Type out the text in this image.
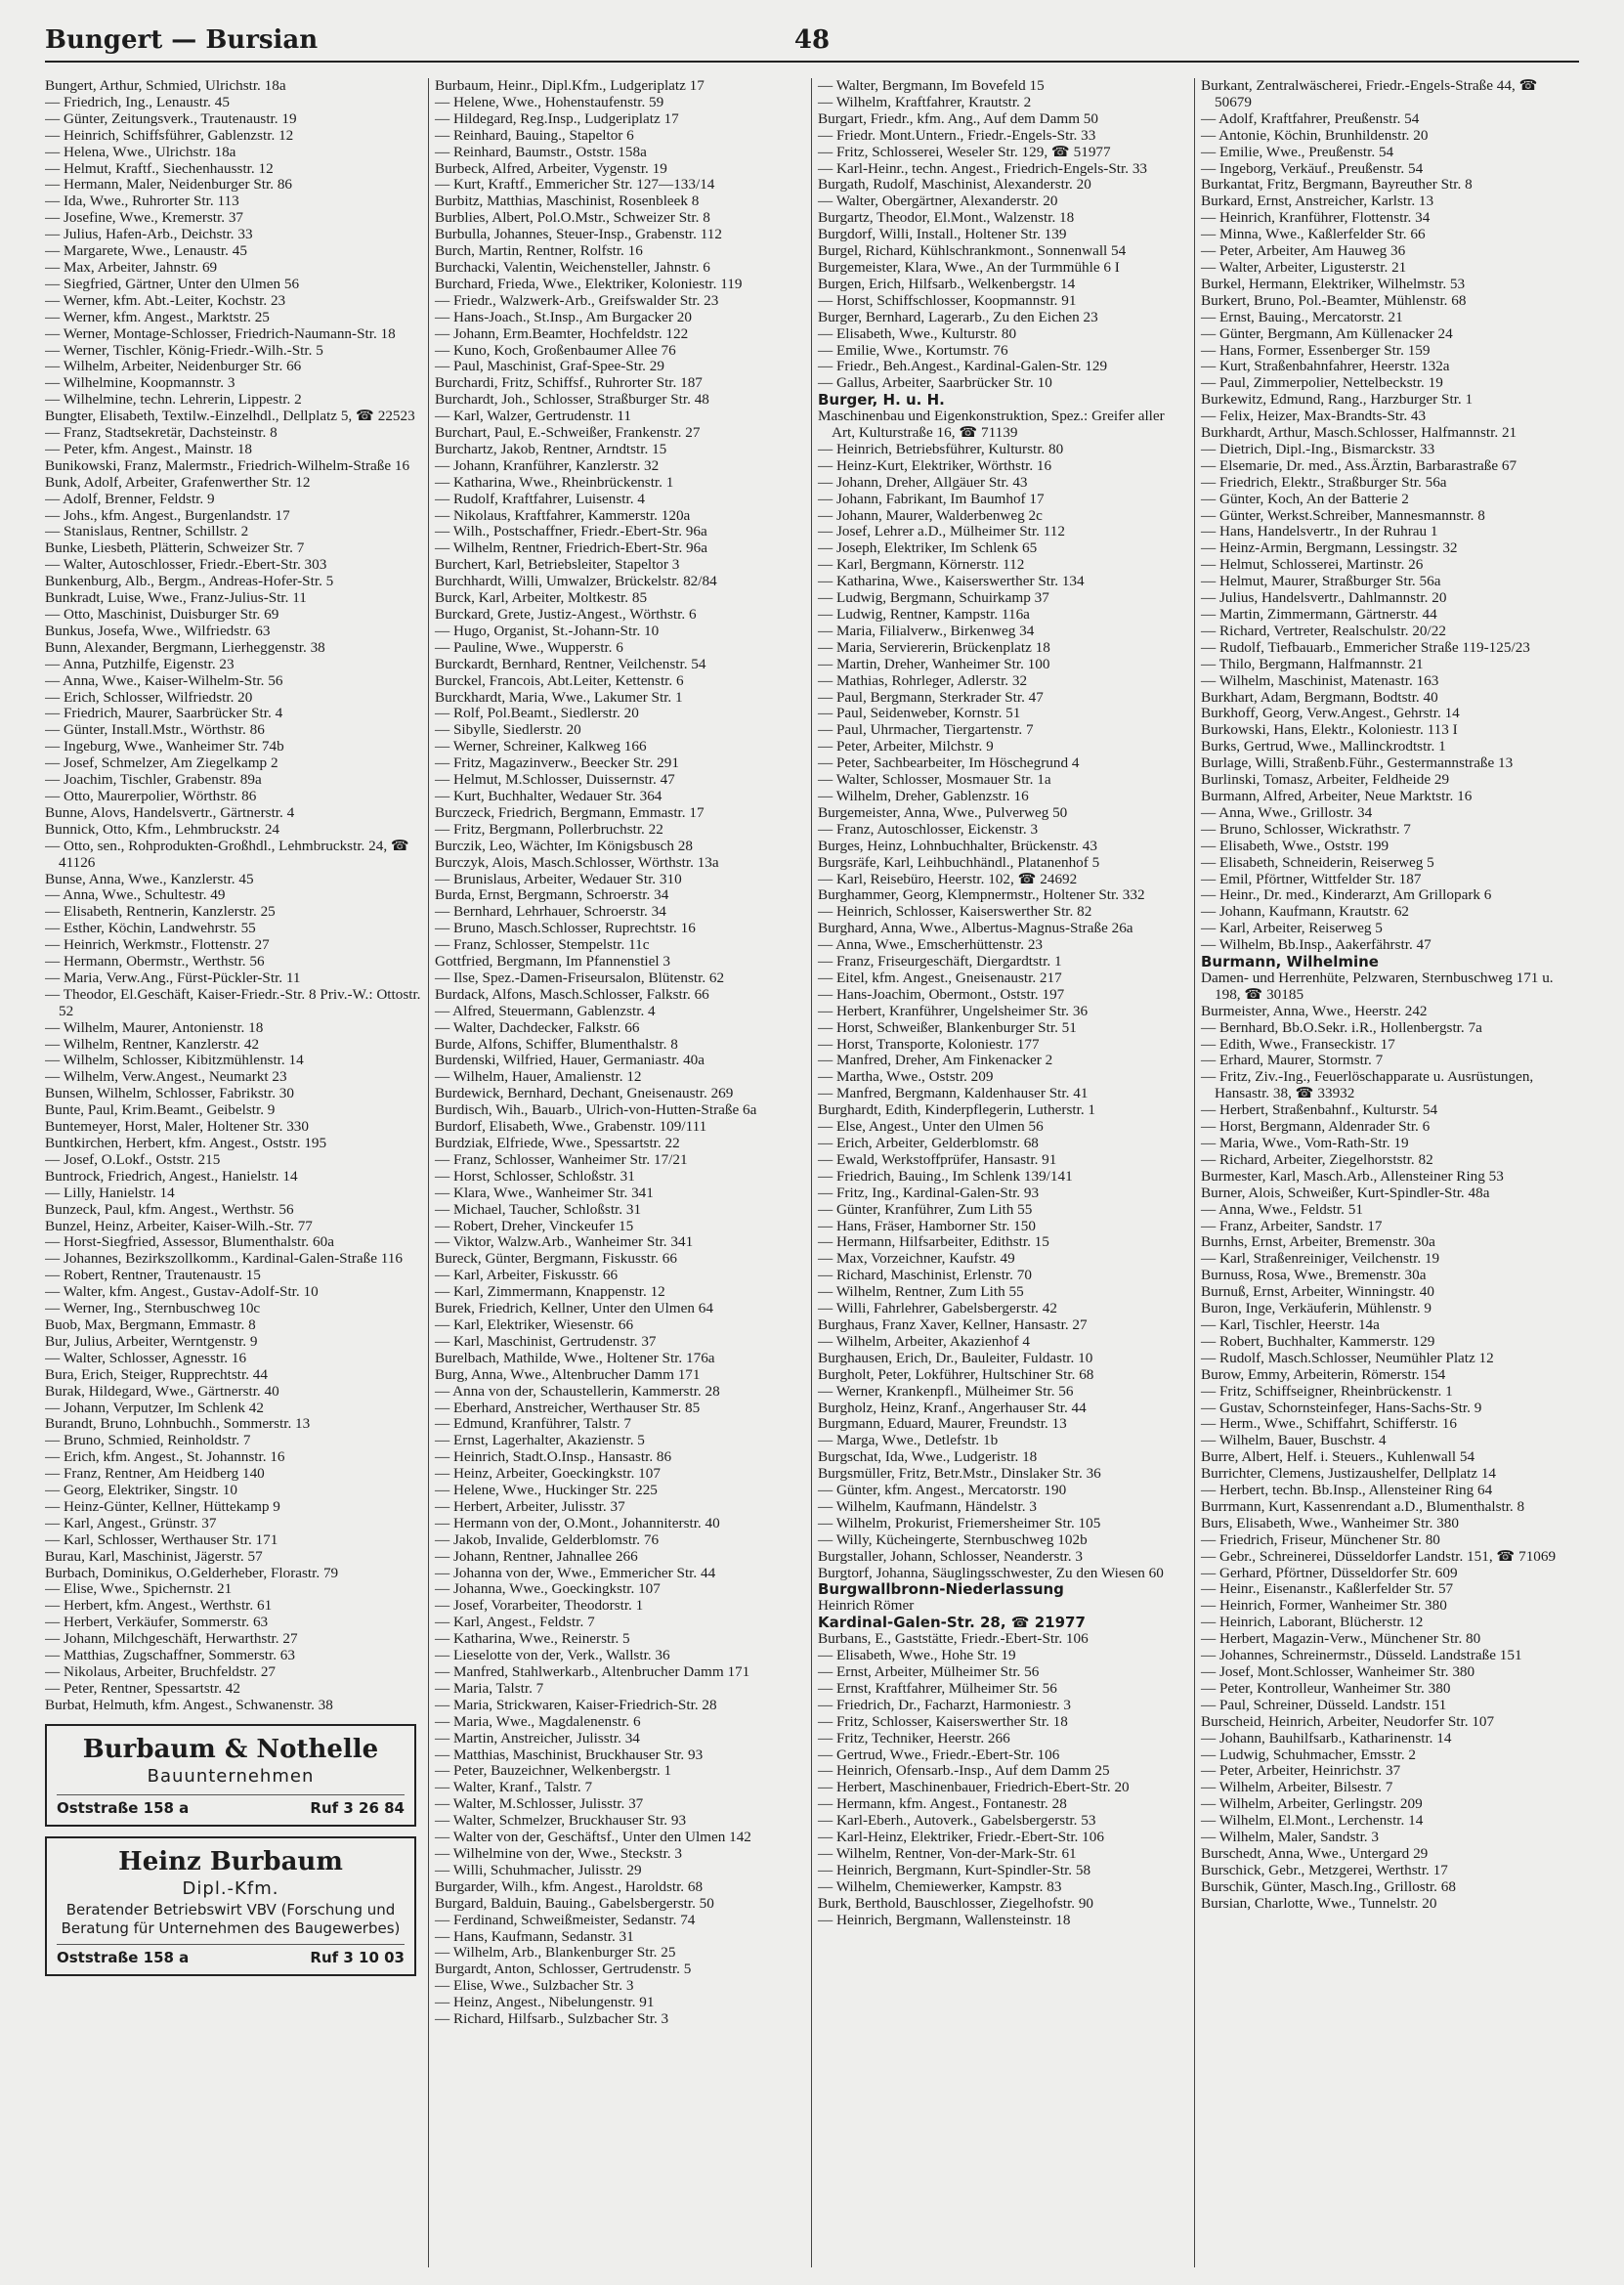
Bungert — Bursian	48
Bungert, Arthur, Schmied, Ulrichstr. 18a
— Friedrich, Ing., Lenaustr. 45
— Günter, Zeitungsverk., Trautenaustr. 19
— Heinrich, Schiffsführer, Gablenzstr. 12
— Helena, Wwe., Ulrichstr. 18a
— Helmut, Kraftf., Siechenhausstr. 12
— Hermann, Maler, Neidenburger Str. 86
— Ida, Wwe., Ruhrorter Str. 113
— Josefine, Wwe., Kremerstr. 37
— Julius, Hafen-Arb., Deichstr. 33
— Margarete, Wwe., Lenaustr. 45
— Max, Arbeiter, Jahnstr. 69
— Siegfried, Gärtner, Unter den Ulmen 56
— Werner, kfm. Abt.-Leiter, Kochstr. 23
— Werner, kfm. Angest., Marktstr. 25
— Werner, Montage-Schlosser, Friedrich-Naumann-Str. 18
— Werner, Tischler, König-Friedr.-Wilh.-Str. 5
— Wilhelm, Arbeiter, Neidenburger Str. 66
— Wilhelmine, Koopmannstr. 3
— Wilhelmine, techn. Lehrerin, Lippestr. 2
Bungter, Elisabeth, Textilw.-Einzelhdl., Dellplatz 5, ☎ 22523
— Franz, Stadtsekretär, Dachsteinstr. 8
— Peter, kfm. Angest., Mainstr. 18
Bunikowski, Franz, Malermstr., Friedrich-Wilhelm-Straße 16
Bunk, Adolf, Arbeiter, Grafenwerther Str. 12
— Adolf, Brenner, Feldstr. 9
— Johs., kfm. Angest., Burgenlandstr. 17
— Stanislaus, Rentner, Schillstr. 2
Bunke, Liesbeth, Plätterin, Schweizer Str. 7
— Walter, Autoschlosser, Friedr.-Ebert-Str. 303
Bunkenburg, Alb., Bergm., Andreas-Hofer-Str. 5
Bunkradt, Luise, Wwe., Franz-Julius-Str. 11
— Otto, Maschinist, Duisburger Str. 69
Bunkus, Josefa, Wwe., Wilfriedstr. 63
Bunn, Alexander, Bergmann, Lierheggenstr. 38
— Anna, Putzhilfe, Eigenstr. 23
— Anna, Wwe., Kaiser-Wilhelm-Str. 56
— Erich, Schlosser, Wilfriedstr. 20
— Friedrich, Maurer, Saarbrücker Str. 4
— Günter, Install.Mstr., Wörthstr. 86
— Ingeburg, Wwe., Wanheimer Str. 74b
— Josef, Schmelzer, Am Ziegelkamp 2
— Joachim, Tischler, Grabenstr. 89a
— Otto, Maurerpolier, Wörthstr. 86
Bunne, Alovs, Handelsvertr., Gärtnerstr. 4
Bunnick, Otto, Kfm., Lehmbruckstr. 24
— Otto, sen., Rohprodukten-Großhdl., Lehmbruckstr. 24, ☎ 41126
Bunse, Anna, Wwe., Kanzlerstr. 45
— Anna, Wwe., Schultestr. 49
— Elisabeth, Rentnerin, Kanzlerstr. 25
— Esther, Köchin, Landwehrstr. 55
— Heinrich, Werkmstr., Flottenstr. 27
— Hermann, Obermstr., Werthstr. 56
— Maria, Verw.Ang., Fürst-Pückler-Str. 11
— Theodor, El.Geschäft, Kaiser-Friedr.-Str. 8 Priv.-W.: Ottostr. 52
— Wilhelm, Maurer, Antonienstr. 18
— Wilhelm, Rentner, Kanzlerstr. 42
— Wilhelm, Schlosser, Kibitzmühlenstr. 14
— Wilhelm, Verw.Angest., Neumarkt 23
Bunsen, Wilhelm, Schlosser, Fabrikstr. 30
Bunte, Paul, Krim.Beamt., Geibelstr. 9
Buntemeyer, Horst, Maler, Holtener Str. 330
Buntkirchen, Herbert, kfm. Angest., Oststr. 195
— Josef, O.Lokf., Oststr. 215
Buntrock, Friedrich, Angest., Hanielstr. 14
— Lilly, Hanielstr. 14
Bunzeck, Paul, kfm. Angest., Werthstr. 56
Bunzel, Heinz, Arbeiter, Kaiser-Wilh.-Str. 77
— Horst-Siegfried, Assessor, Blumenthalstr. 60a
— Johannes, Bezirkszollkomm., Kardinal-Galen-Straße 116
— Robert, Rentner, Trautenaustr. 15
— Walter, kfm. Angest., Gustav-Adolf-Str. 10
— Werner, Ing., Sternbuschweg 10c
Buob, Max, Bergmann, Emmastr. 8
Bur, Julius, Arbeiter, Werntgenstr. 9
— Walter, Schlosser, Agnesstr. 16
Bura, Erich, Steiger, Rupprechtstr. 44
Burak, Hildegard, Wwe., Gärtnerstr. 40
— Johann, Verputzer, Im Schlenk 42
Burandt, Bruno, Lohnbuchh., Sommerstr. 13
— Bruno, Schmied, Reinholdstr. 7
— Erich, kfm. Angest., St. Johannstr. 16
— Franz, Rentner, Am Heidberg 140
— Georg, Elektriker, Singstr. 10
— Heinz-Günter, Kellner, Hüttekamp 9
— Karl, Angest., Grünstr. 37
— Karl, Schlosser, Werthauser Str. 171
Burau, Karl, Maschinist, Jägerstr. 57
Burbach, Dominikus, O.Gelderheber, Florastr. 79
— Elise, Wwe., Spichernstr. 21
— Herbert, kfm. Angest., Werthstr. 61
— Herbert, Verkäufer, Sommerstr. 63
— Johann, Milchgeschäft, Herwarthstr. 27
— Matthias, Zugschaffner, Sommerstr. 63
— Nikolaus, Arbeiter, Bruchfeldstr. 27
— Peter, Rentner, Spessartstr. 42
Burbat, Helmuth, kfm. Angest., Schwanenstr. 38
Burbaum & Nothelle
Bauunternehmen
Oststraße 158 a	Ruf 3 26 84
Heinz Burbaum
Dipl.-Kfm.
Beratender Betriebswirt VBV (Forschung und Beratung für Unternehmen des Baugewerbes)
Oststraße 158 a	Ruf 3 10 03
Burbaum, Heinr., Dipl.Kfm., Ludgeriplatz 17
— Helene, Wwe., Hohenstaufenstr. 59
— Hildegard, Reg.Insp., Ludgeriplatz 17
— Reinhard, Bauing., Stapeltor 6
— Reinhard, Baumstr., Oststr. 158a
Burbeck, Alfred, Arbeiter, Vygenstr. 19
— Kurt, Kraftf., Emmericher Str. 127—133/14
Burbitz, Matthias, Maschinist, Rosenbleek 8
Burblies, Albert, Pol.O.Mstr., Schweizer Str. 8
Burbulla, Johannes, Steuer-Insp., Grabenstr. 112
Burch, Martin, Rentner, Rolfstr. 16
Burchacki, Valentin, Weichensteller, Jahnstr. 6
Burchard, Frieda, Wwe., Elektriker, Koloniestr. 119
— Friedr., Walzwerk-Arb., Greifswalder Str. 23
— Hans-Joach., St.Insp., Am Burgacker 20
— Johann, Erm.Beamter, Hochfeldstr. 122
— Kuno, Koch, Großenbaumer Allee 76
— Paul, Maschinist, Graf-Spee-Str. 29
Burchardi, Fritz, Schiffsf., Ruhrorter Str. 187
Burchardt, Joh., Schlosser, Straßburger Str. 48
— Karl, Walzer, Gertrudenstr. 11
Burchart, Paul, E.-Schweißer, Frankenstr. 27
Burchartz, Jakob, Rentner, Arndtstr. 15
— Johann, Kranführer, Kanzlerstr. 32
— Katharina, Wwe., Rheinbrückenstr. 1
— Rudolf, Kraftfahrer, Luisenstr. 4
— Nikolaus, Kraftfahrer, Kammerstr. 120a
— Wilh., Postschaffner, Friedr.-Ebert-Str. 96a
— Wilhelm, Rentner, Friedrich-Ebert-Str. 96a
Burchert, Karl, Betriebsleiter, Stapeltor 3
Burchhardt, Willi, Umwalzer, Brückelstr. 82/84
Burck, Karl, Arbeiter, Moltkestr. 85
Burckard, Grete, Justiz-Angest., Wörthstr. 6
— Hugo, Organist, St.-Johann-Str. 10
— Pauline, Wwe., Wupperstr. 6
Burckardt, Bernhard, Rentner, Veilchenstr. 54
Burckel, Francois, Abt.Leiter, Kettenstr. 6
Burckhardt, Maria, Wwe., Lakumer Str. 1
— Rolf, Pol.Beamt., Siedlerstr. 20
— Sibylle, Siedlerstr. 20
— Werner, Schreiner, Kalkweg 166
— Fritz, Magazinverw., Beecker Str. 291
— Helmut, M.Schlosser, Duissernstr. 47
— Kurt, Buchhalter, Wedauer Str. 364
Burczeck, Friedrich, Bergmann, Emmastr. 17
— Fritz, Bergmann, Pollerbruchstr. 22
Burczik, Leo, Wächter, Im Königsbusch 28
Burczyk, Alois, Masch.Schlosser, Wörthstr. 13a
— Brunislaus, Arbeiter, Wedauer Str. 310
Burda, Ernst, Bergmann, Schroerstr. 34
— Bernhard, Lehrhauer, Schroerstr. 34
— Bruno, Masch.Schlosser, Ruprechtstr. 16
— Franz, Schlosser, Stempelstr. 11c
Gottfried, Bergmann, Im Pfannenstiel 3
— Ilse, Spez.-Damen-Friseursalon, Blütenstr. 62
Burdack, Alfons, Masch.Schlosser, Falkstr. 66
— Alfred, Steuermann, Gablenzstr. 4
— Walter, Dachdecker, Falkstr. 66
Burde, Alfons, Schiffer, Blumenthalstr. 8
Burdenski, Wilfried, Hauer, Germaniastr. 40a
— Wilhelm, Hauer, Amalienstr. 12
Burdewick, Bernhard, Dechant, Gneisenaustr. 269
Burdisch, Wih., Bauarb., Ulrich-von-Hutten-Straße 6a
Burdorf, Elisabeth, Wwe., Grabenstr. 109/111
Burdziak, Elfriede, Wwe., Spessartstr. 22
— Franz, Schlosser, Wanheimer Str. 17/21
— Horst, Schlosser, Schloßstr. 31
— Klara, Wwe., Wanheimer Str. 341
— Michael, Taucher, Schloßstr. 31
— Robert, Dreher, Vinckeufer 15
— Viktor, Walzw.Arb., Wanheimer Str. 341
Bureck, Günter, Bergmann, Fiskusstr. 66
— Karl, Arbeiter, Fiskusstr. 66
— Karl, Zimmermann, Knappenstr. 12
Burek, Friedrich, Kellner, Unter den Ulmen 64
— Karl, Elektriker, Wiesenstr. 66
— Karl, Maschinist, Gertrudenstr. 37
Burelbach, Mathilde, Wwe., Holtener Str. 176a
Burg, Anna, Wwe., Altenbrucher Damm 171
— Anna von der, Schaustellerin, Kammerstr. 28
— Eberhard, Anstreicher, Werthauser Str. 85
— Edmund, Kranführer, Talstr. 7
— Ernst, Lagerhalter, Akazienstr. 5
— Heinrich, Stadt.O.Insp., Hansastr. 86
— Heinz, Arbeiter, Goeckingkstr. 107
— Helene, Wwe., Huckinger Str. 225
— Herbert, Arbeiter, Julisstr. 37
— Hermann von der, O.Mont., Johanniterstr. 40
— Jakob, Invalide, Gelderblomstr. 76
— Johann, Rentner, Jahnallee 266
— Johanna von der, Wwe., Emmericher Str. 44
— Johanna, Wwe., Goeckingkstr. 107
— Josef, Vorarbeiter, Theodorstr. 1
— Karl, Angest., Feldstr. 7
— Katharina, Wwe., Reinerstr. 5
— Lieselotte von der, Verk., Wallstr. 36
— Manfred, Stahlwerkarb., Altenbrucher Damm 171
— Maria, Talstr. 7
— Maria, Strickwaren, Kaiser-Friedrich-Str. 28
— Maria, Wwe., Magdalenenstr. 6
— Martin, Anstreicher, Julisstr. 34
— Matthias, Maschinist, Bruckhauser Str. 93
— Peter, Bauzeichner, Welkenbergstr. 1
— Walter, Kranf., Talstr. 7
— Walter, M.Schlosser, Julisstr. 37
— Walter, Schmelzer, Bruckhauser Str. 93
— Walter von der, Geschäftsf., Unter den Ulmen 142
— Wilhelmine von der, Wwe., Steckstr. 3
— Willi, Schuhmacher, Julisstr. 29
Burgarder, Wilh., kfm. Angest., Haroldstr. 68
Burgard, Balduin, Bauing., Gabelsbergerstr. 50
— Ferdinand, Schweißmeister, Sedanstr. 74
— Hans, Kaufmann, Sedanstr. 31
— Wilhelm, Arb., Blankenburger Str. 25
Burgardt, Anton, Schlosser, Gertrudenstr. 5
— Elise, Wwe., Sulzbacher Str. 3
— Heinz, Angest., Nibelungenstr. 91
— Richard, Hilfsarb., Sulzbacher Str. 3
— Walter, Bergmann, Im Bovefeld 15
— Wilhelm, Kraftfahrer, Krautstr. 2
Burgart, Friedr., kfm. Ang., Auf dem Damm 50
— Friedr. Mont.Untern., Friedr.-Engels-Str. 33
— Fritz, Schlosserei, Weseler Str. 129, ☎ 51977
— Karl-Heinr., techn. Angest., Friedrich-Engels-Str. 33
Burgath, Rudolf, Maschinist, Alexanderstr. 20
— Walter, Obergärtner, Alexanderstr. 20
Burgartz, Theodor, El.Mont., Walzenstr. 18
Burgdorf, Willi, Install., Holtener Str. 139
Burgel, Richard, Kühlschrankmont., Sonnenwall 54
Burgemeister, Klara, Wwe., An der Turmmühle 6 I
Burgen, Erich, Hilfsarb., Welkenbergstr. 14
— Horst, Schiffschlosser, Koopmannstr. 91
Burger, Bernhard, Lagerarb., Zu den Eichen 23
— Elisabeth, Wwe., Kulturstr. 80
— Emilie, Wwe., Kortumstr. 76
— Friedr., Beh.Angest., Kardinal-Galen-Str. 129
— Gallus, Arbeiter, Saarbrücker Str. 10
Burger, H. u. H.
Maschinenbau und Eigenkonstruktion, Spez.: Greifer aller Art, Kulturstraße 16, ☎ 71139
— Heinrich, Betriebsführer, Kulturstr. 80
— Heinz-Kurt, Elektriker, Wörthstr. 16
— Johann, Dreher, Allgäuer Str. 43
— Johann, Fabrikant, Im Baumhof 17
— Johann, Maurer, Walderbenweg 2c
— Josef, Lehrer a.D., Mülheimer Str. 112
— Joseph, Elektriker, Im Schlenk 65
— Karl, Bergmann, Körnerstr. 112
— Katharina, Wwe., Kaiserswerther Str. 134
— Ludwig, Bergmann, Schuirkamp 37
— Ludwig, Rentner, Kampstr. 116a
— Maria, Filialverw., Birkenweg 34
— Maria, Serviererin, Brückenplatz 18
— Martin, Dreher, Wanheimer Str. 100
— Mathias, Rohrleger, Adlerstr. 32
— Paul, Bergmann, Sterkrader Str. 47
— Paul, Seidenweber, Kornstr. 51
— Paul, Uhrmacher, Tiergartenstr. 7
— Peter, Arbeiter, Milchstr. 9
— Peter, Sachbearbeiter, Im Höschegrund 4
— Walter, Schlosser, Mosmauer Str. 1a
— Wilhelm, Dreher, Gablenzstr. 16
Burgemeister, Anna, Wwe., Pulverweg 50
— Franz, Autoschlosser, Eickenstr. 3
Burges, Heinz, Lohnbuchhalter, Brückenstr. 43
Burgsräfe, Karl, Leihbuchhändl., Platanenhof 5
— Karl, Reisebüro, Heerstr. 102, ☎ 24692
Burghammer, Georg, Klempnermstr., Holtener Str. 332
— Heinrich, Schlosser, Kaiserswerther Str. 82
Burghard, Anna, Wwe., Albertus-Magnus-Straße 26a
— Anna, Wwe., Emscherhüttenstr. 23
— Franz, Friseurgeschäft, Diergardtstr. 1
— Eitel, kfm. Angest., Gneisenaustr. 217
— Hans-Joachim, Obermont., Oststr. 197
— Herbert, Kranführer, Ungelsheimer Str. 36
— Horst, Schweißer, Blankenburger Str. 51
— Horst, Transporte, Koloniestr. 177
— Manfred, Dreher, Am Finkenacker 2
— Martha, Wwe., Oststr. 209
— Manfred, Bergmann, Kaldenhauser Str. 41
Burghardt, Edith, Kinderpflegerin, Lutherstr. 1
— Else, Angest., Unter den Ulmen 56
— Erich, Arbeiter, Gelderblomstr. 68
— Ewald, Werkstoffprüfer, Hansastr. 91
— Friedrich, Bauing., Im Schlenk 139/141
— Fritz, Ing., Kardinal-Galen-Str. 93
— Günter, Kranführer, Zum Lith 55
— Hans, Fräser, Hamborner Str. 150
— Hermann, Hilfsarbeiter, Edithstr. 15
— Max, Vorzeichner, Kaufstr. 49
— Richard, Maschinist, Erlenstr. 70
— Wilhelm, Rentner, Zum Lith 55
— Willi, Fahrlehrer, Gabelsbergerstr. 42
Burghaus, Franz Xaver, Kellner, Hansastr. 27
— Wilhelm, Arbeiter, Akazienhof 4
Burghausen, Erich, Dr., Bauleiter, Fuldastr. 10
Burgholt, Peter, Lokführer, Hultschiner Str. 68
— Werner, Krankenpfl., Mülheimer Str. 56
Burgholz, Heinz, Kranf., Angerhauser Str. 44
Burgmann, Eduard, Maurer, Freundstr. 13
— Marga, Wwe., Detlefstr. 1b
Burgschat, Ida, Wwe., Ludgeristr. 18
Burgsmüller, Fritz, Betr.Mstr., Dinslaker Str. 36
— Günter, kfm. Angest., Mercatorstr. 190
— Wilhelm, Kaufmann, Händelstr. 3
— Wilhelm, Prokurist, Friemersheimer Str. 105
— Willy, Kücheingerte, Sternbuschweg 102b
Burgstaller, Johann, Schlosser, Neanderstr. 3
Burgtorf, Johanna, Säuglingsschwester, Zu den Wiesen 60
Burgwallbronn-Niederlassung
Heinrich Römer
Kardinal-Galen-Str. 28, ☎ 21977
Burbans, E., Gaststätte, Friedr.-Ebert-Str. 106
— Elisabeth, Wwe., Hohe Str. 19
— Ernst, Arbeiter, Mülheimer Str. 56
— Ernst, Kraftfahrer, Mülheimer Str. 56
— Friedrich, Dr., Facharzt, Harmoniestr. 3
— Fritz, Schlosser, Kaiserswerther Str. 18
— Fritz, Techniker, Heerstr. 266
— Gertrud, Wwe., Friedr.-Ebert-Str. 106
— Heinrich, Ofensarb.-Insp., Auf dem Damm 25
— Herbert, Maschinenbauer, Friedrich-Ebert-Str. 20
— Hermann, kfm. Angest., Fontanestr. 28
— Karl-Eberh., Autoverk., Gabelsbergerstr. 53
— Karl-Heinz, Elektriker, Friedr.-Ebert-Str. 106
— Wilhelm, Rentner, Von-der-Mark-Str. 61
— Heinrich, Bergmann, Kurt-Spindler-Str. 58
— Wilhelm, Chemiewerker, Kampstr. 83
Burk, Berthold, Bauschlosser, Ziegelhofstr. 90
— Heinrich, Bergmann, Wallensteinstr. 18
Burkant, Zentralwäscherei, Friedr.-Engels-Straße 44, ☎ 50679
— Adolf, Kraftfahrer, Preußenstr. 54
— Antonie, Köchin, Brunhildenstr. 20
— Emilie, Wwe., Preußenstr. 54
— Ingeborg, Verkäuf., Preußenstr. 54
Burkantat, Fritz, Bergmann, Bayreuther Str. 8
Burkard, Ernst, Anstreicher, Karlstr. 13
— Heinrich, Kranführer, Flottenstr. 34
— Minna, Wwe., Kaßlerfelder Str. 66
— Peter, Arbeiter, Am Hauweg 36
— Walter, Arbeiter, Ligusterstr. 21
Burkel, Hermann, Elektriker, Wilhelmstr. 53
Burkert, Bruno, Pol.-Beamter, Mühlenstr. 68
— Ernst, Bauing., Mercatorstr. 21
— Günter, Bergmann, Am Küllenacker 24
— Hans, Former, Essenberger Str. 159
— Kurt, Straßenbahnfahrer, Heerstr. 132a
— Paul, Zimmerpolier, Nettelbeckstr. 19
Burkewitz, Edmund, Rang., Harzburger Str. 1
— Felix, Heizer, Max-Brandts-Str. 43
Burkhardt, Arthur, Masch.Schlosser, Halfmannstr. 21
— Dietrich, Dipl.-Ing., Bismarckstr. 33
— Elsemarie, Dr. med., Ass.Ärztin, Barbarastraße 67
— Friedrich, Elektr., Straßburger Str. 56a
— Günter, Koch, An der Batterie 2
— Günter, Werkst.Schreiber, Mannesmannstr. 8
— Hans, Handelsvertr., In der Ruhrau 1
— Heinz-Armin, Bergmann, Lessingstr. 32
— Helmut, Schlosserei, Martinstr. 26
— Helmut, Maurer, Straßburger Str. 56a
— Julius, Handelsvertr., Dahlmannstr. 20
— Martin, Zimmermann, Gärtnerstr. 44
— Richard, Vertreter, Realschulstr. 20/22
— Rudolf, Tiefbauarb., Emmericher Straße 119-125/23
— Thilo, Bergmann, Halfmannstr. 21
— Wilhelm, Maschinist, Matenastr. 163
Burkhart, Adam, Bergmann, Bodtstr. 40
Burkhoff, Georg, Verw.Angest., Gehrstr. 14
Burkowski, Hans, Elektr., Koloniestr. 113 I
Burks, Gertrud, Wwe., Mallinckrodtstr. 1
Burlage, Willi, Straßenb.Führ., Gestermannstraße 13
Burlinski, Tomasz, Arbeiter, Feldheide 29
Burmann, Alfred, Arbeiter, Neue Marktstr. 16
— Anna, Wwe., Grillostr. 34
— Bruno, Schlosser, Wickrathstr. 7
— Elisabeth, Wwe., Oststr. 199
— Elisabeth, Schneiderin, Reiserweg 5
— Emil, Pförtner, Wittfelder Str. 187
— Heinr., Dr. med., Kinderarzt, Am Grillopark 6
— Johann, Kaufmann, Krautstr. 62
— Karl, Arbeiter, Reiserweg 5
— Wilhelm, Bb.Insp., Aakerfährstr. 47
Burmann, Wilhelmine
Damen- und Herrenhüte, Pelzwaren, Sternbuschweg 171 u. 198, ☎ 30185
Burmeister, Anna, Wwe., Heerstr. 242
— Bernhard, Bb.O.Sekr. i.R., Hollenbergstr. 7a
— Edith, Wwe., Franseckistr. 17
— Erhard, Maurer, Stormstr. 7
— Fritz, Ziv.-Ing., Feuerlöschapparate u. Ausrüstungen, Hansastr. 38, ☎ 33932
— Herbert, Straßenbahnf., Kulturstr. 54
— Horst, Bergmann, Aldenrader Str. 6
— Maria, Wwe., Vom-Rath-Str. 19
— Richard, Arbeiter, Ziegelhorststr. 82
Burmester, Karl, Masch.Arb., Allensteiner Ring 53
Burner, Alois, Schweißer, Kurt-Spindler-Str. 48a
— Anna, Wwe., Feldstr. 51
— Franz, Arbeiter, Sandstr. 17
Burnhs, Ernst, Arbeiter, Bremenstr. 30a
— Karl, Straßenreiniger, Veilchenstr. 19
Burnuss, Rosa, Wwe., Bremenstr. 30a
Burnuß, Ernst, Arbeiter, Winningstr. 40
Buron, Inge, Verkäuferin, Mühlenstr. 9
— Karl, Tischler, Heerstr. 14a
— Robert, Buchhalter, Kammerstr. 129
— Rudolf, Masch.Schlosser, Neumühler Platz 12
Burow, Emmy, Arbeiterin, Römerstr. 154
— Fritz, Schiffseigner, Rheinbrückenstr. 1
— Gustav, Schornsteinfeger, Hans-Sachs-Str. 9
— Herm., Wwe., Schiffahrt, Schifferstr. 16
— Wilhelm, Bauer, Buschstr. 4
Burre, Albert, Helf. i. Steuers., Kuhlenwall 54
Burrichter, Clemens, Justizaushelfer, Dellplatz 14
— Herbert, techn. Bb.Insp., Allensteiner Ring 64
Burrmann, Kurt, Kassenrendant a.D., Blumenthalstr. 8
Burs, Elisabeth, Wwe., Wanheimer Str. 380
— Friedrich, Friseur, Münchener Str. 80
— Gebr., Schreinerei, Düsseldorfer Landstr. 151, ☎ 71069
— Gerhard, Pförtner, Düsseldorfer Str. 609
— Heinr., Eisenanstr., Kaßlerfelder Str. 57
— Heinrich, Former, Wanheimer Str. 380
— Heinrich, Laborant, Blücherstr. 12
— Herbert, Magazin-Verw., Münchener Str. 80
— Johannes, Schreinermstr., Düsseld. Landstraße 151
— Josef, Mont.Schlosser, Wanheimer Str. 380
— Peter, Kontrolleur, Wanheimer Str. 380
— Paul, Schreiner, Düsseld. Landstr. 151
Burscheid, Heinrich, Arbeiter, Neudorfer Str. 107
— Johann, Bauhilfsarb., Katharinenstr. 14
— Ludwig, Schuhmacher, Emsstr. 2
— Peter, Arbeiter, Heinrichstr. 37
— Wilhelm, Arbeiter, Bilsestr. 7
— Wilhelm, Arbeiter, Gerlingstr. 209
— Wilhelm, El.Mont., Lerchenstr. 14
— Wilhelm, Maler, Sandstr. 3
Burschedt, Anna, Wwe., Untergard 29
Burschick, Gebr., Metzgerei, Werthstr. 17
Burschik, Günter, Masch.Ing., Grillostr. 68
Bursian, Charlotte, Wwe., Tunnelstr. 20
